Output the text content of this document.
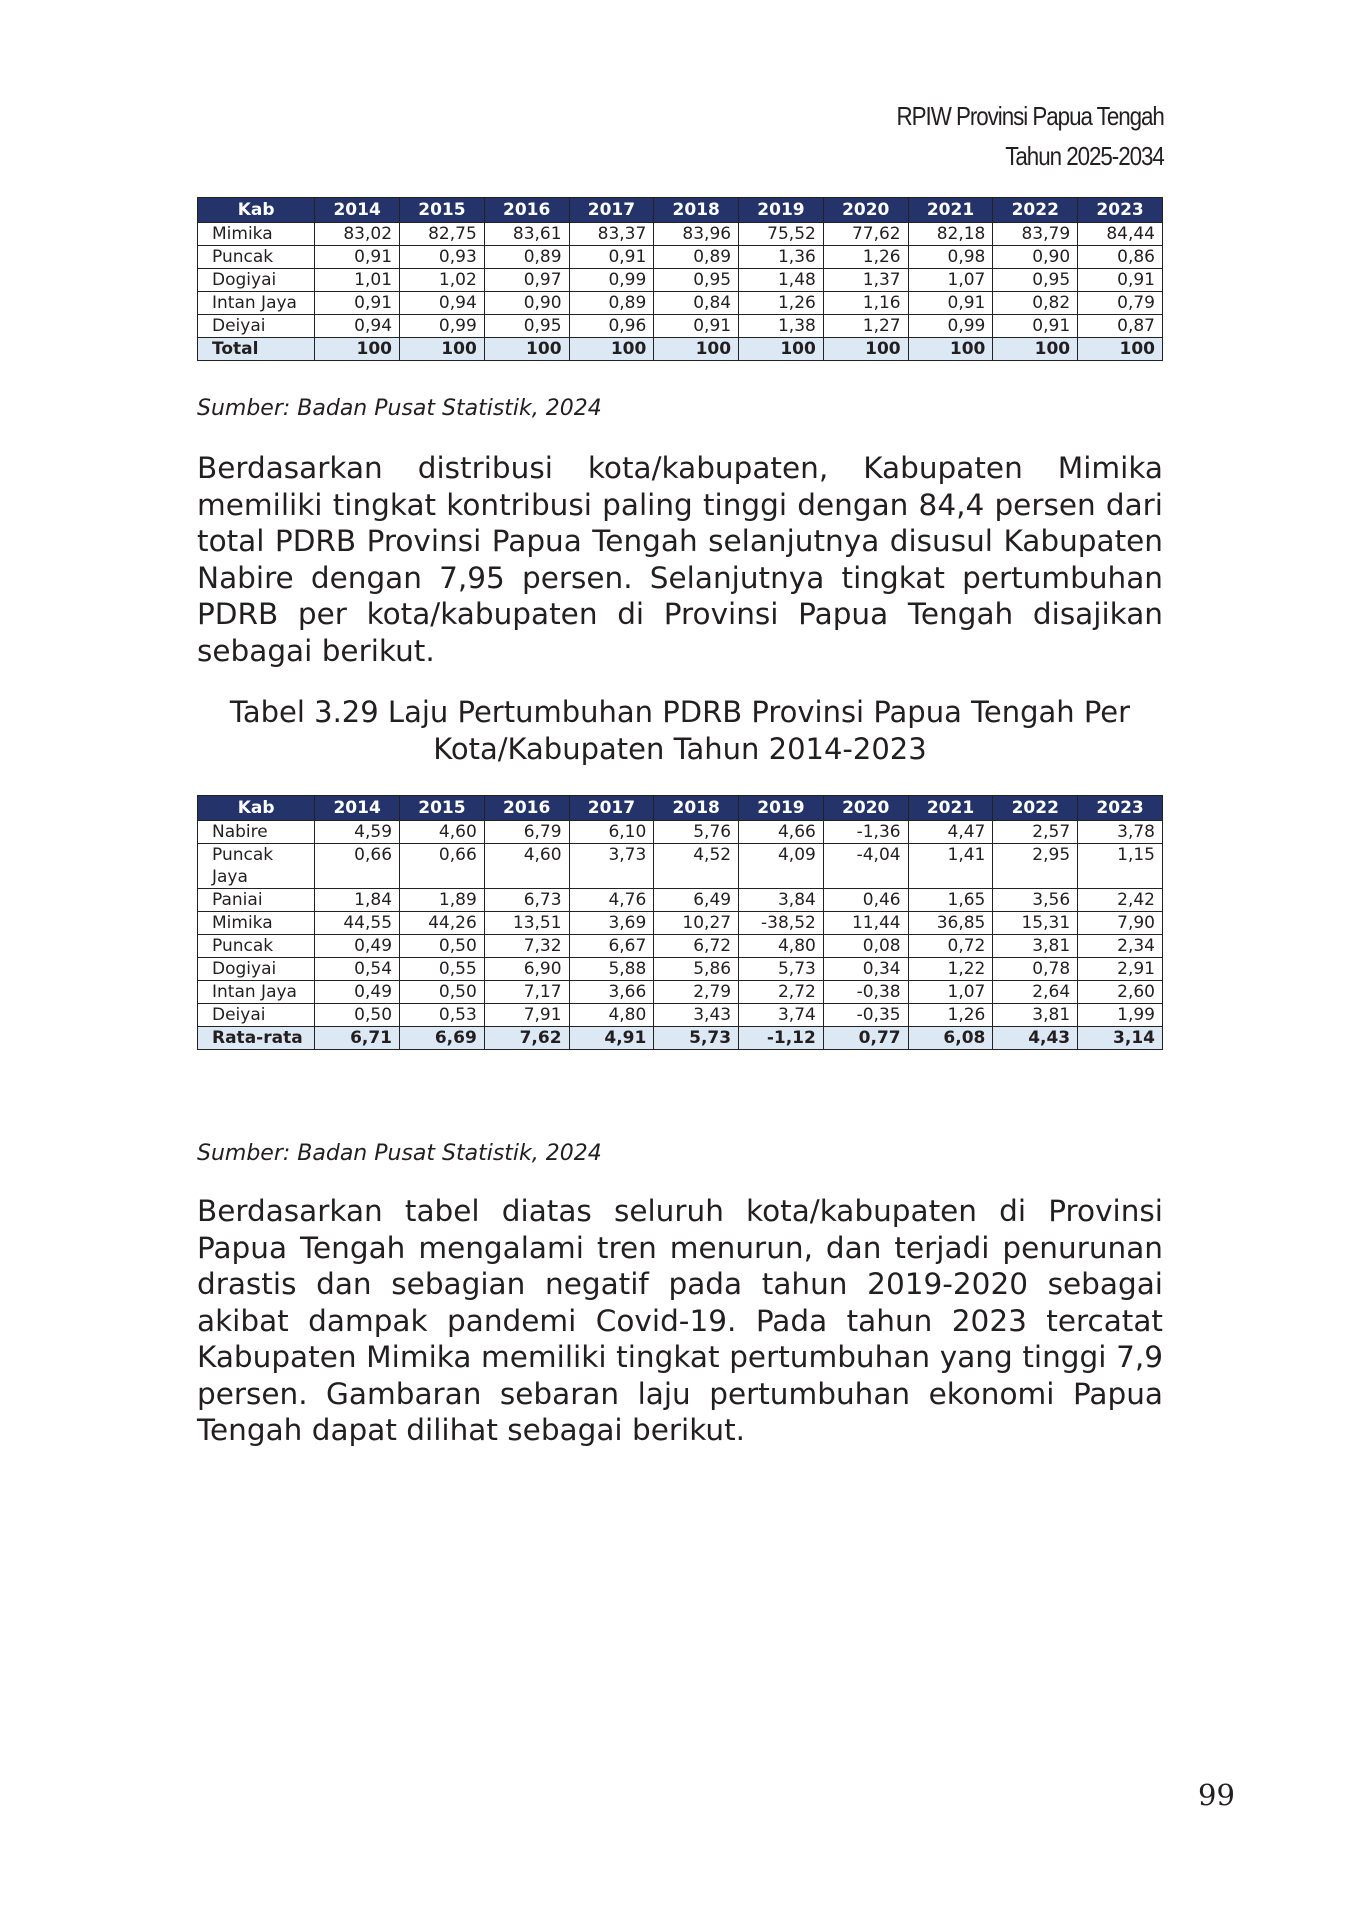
RPIW Provinsi Papua Tengah
Tahun 2025-2034
Kab	2014	2015	2016	2017	2018	2019	2020	2021	2022	2023
Mimika	83,02	82,75	83,61	83,37	83,96	75,52	77,62	82,18	83,79	84,44
Puncak	0,91	0,93	0,89	0,91	0,89	1,36	1,26	0,98	0,90	0,86
Dogiyai	1,01	1,02	0,97	0,99	0,95	1,48	1,37	1,07	0,95	0,91
Intan Jaya	0,91	0,94	0,90	0,89	0,84	1,26	1,16	0,91	0,82	0,79
Deiyai	0,94	0,99	0,95	0,96	0,91	1,38	1,27	0,99	0,91	0,87
Total	100	100	100	100	100	100	100	100	100	100
Sumber: Badan Pusat Statistik, 2024
Berdasarkan distribusi kota/kabupaten, Kabupaten Mimika memiliki tingkat kontribusi paling tinggi dengan 84,4 persen dari total PDRB Provinsi Papua Tengah selanjutnya disusul Kabupaten Nabire dengan 7,95 persen. Selanjutnya tingkat pertumbuhan PDRB per kota/kabupaten di Provinsi Papua Tengah disajikan sebagai berikut.
Tabel 3.29 Laju Pertumbuhan PDRB Provinsi Papua Tengah Per
Kota/Kabupaten Tahun 2014-2023
Kab	2014	2015	2016	2017	2018	2019	2020	2021	2022	2023
Nabire	4,59	4,60	6,79	6,10	5,76	4,66	-1,36	4,47	2,57	3,78
Puncak Jaya	0,66	0,66	4,60	3,73	4,52	4,09	-4,04	1,41	2,95	1,15
Paniai	1,84	1,89	6,73	4,76	6,49	3,84	0,46	1,65	3,56	2,42
Mimika	44,55	44,26	13,51	3,69	10,27	-38,52	11,44	36,85	15,31	7,90
Puncak	0,49	0,50	7,32	6,67	6,72	4,80	0,08	0,72	3,81	2,34
Dogiyai	0,54	0,55	6,90	5,88	5,86	5,73	0,34	1,22	0,78	2,91
Intan Jaya	0,49	0,50	7,17	3,66	2,79	2,72	-0,38	1,07	2,64	2,60
Deiyai	0,50	0,53	7,91	4,80	3,43	3,74	-0,35	1,26	3,81	1,99
Rata-rata	6,71	6,69	7,62	4,91	5,73	-1,12	0,77	6,08	4,43	3,14
Sumber: Badan Pusat Statistik, 2024
Berdasarkan tabel diatas seluruh kota/kabupaten di Provinsi Papua Tengah mengalami tren menurun, dan terjadi penurunan drastis dan sebagian negatif pada tahun 2019-2020 sebagai akibat dampak pandemi Covid-19. Pada tahun 2023 tercatat Kabupaten Mimika memiliki tingkat pertumbuhan yang tinggi 7,9 persen. Gambaran sebaran laju pertumbuhan ekonomi Papua Tengah dapat dilihat sebagai berikut.
99
